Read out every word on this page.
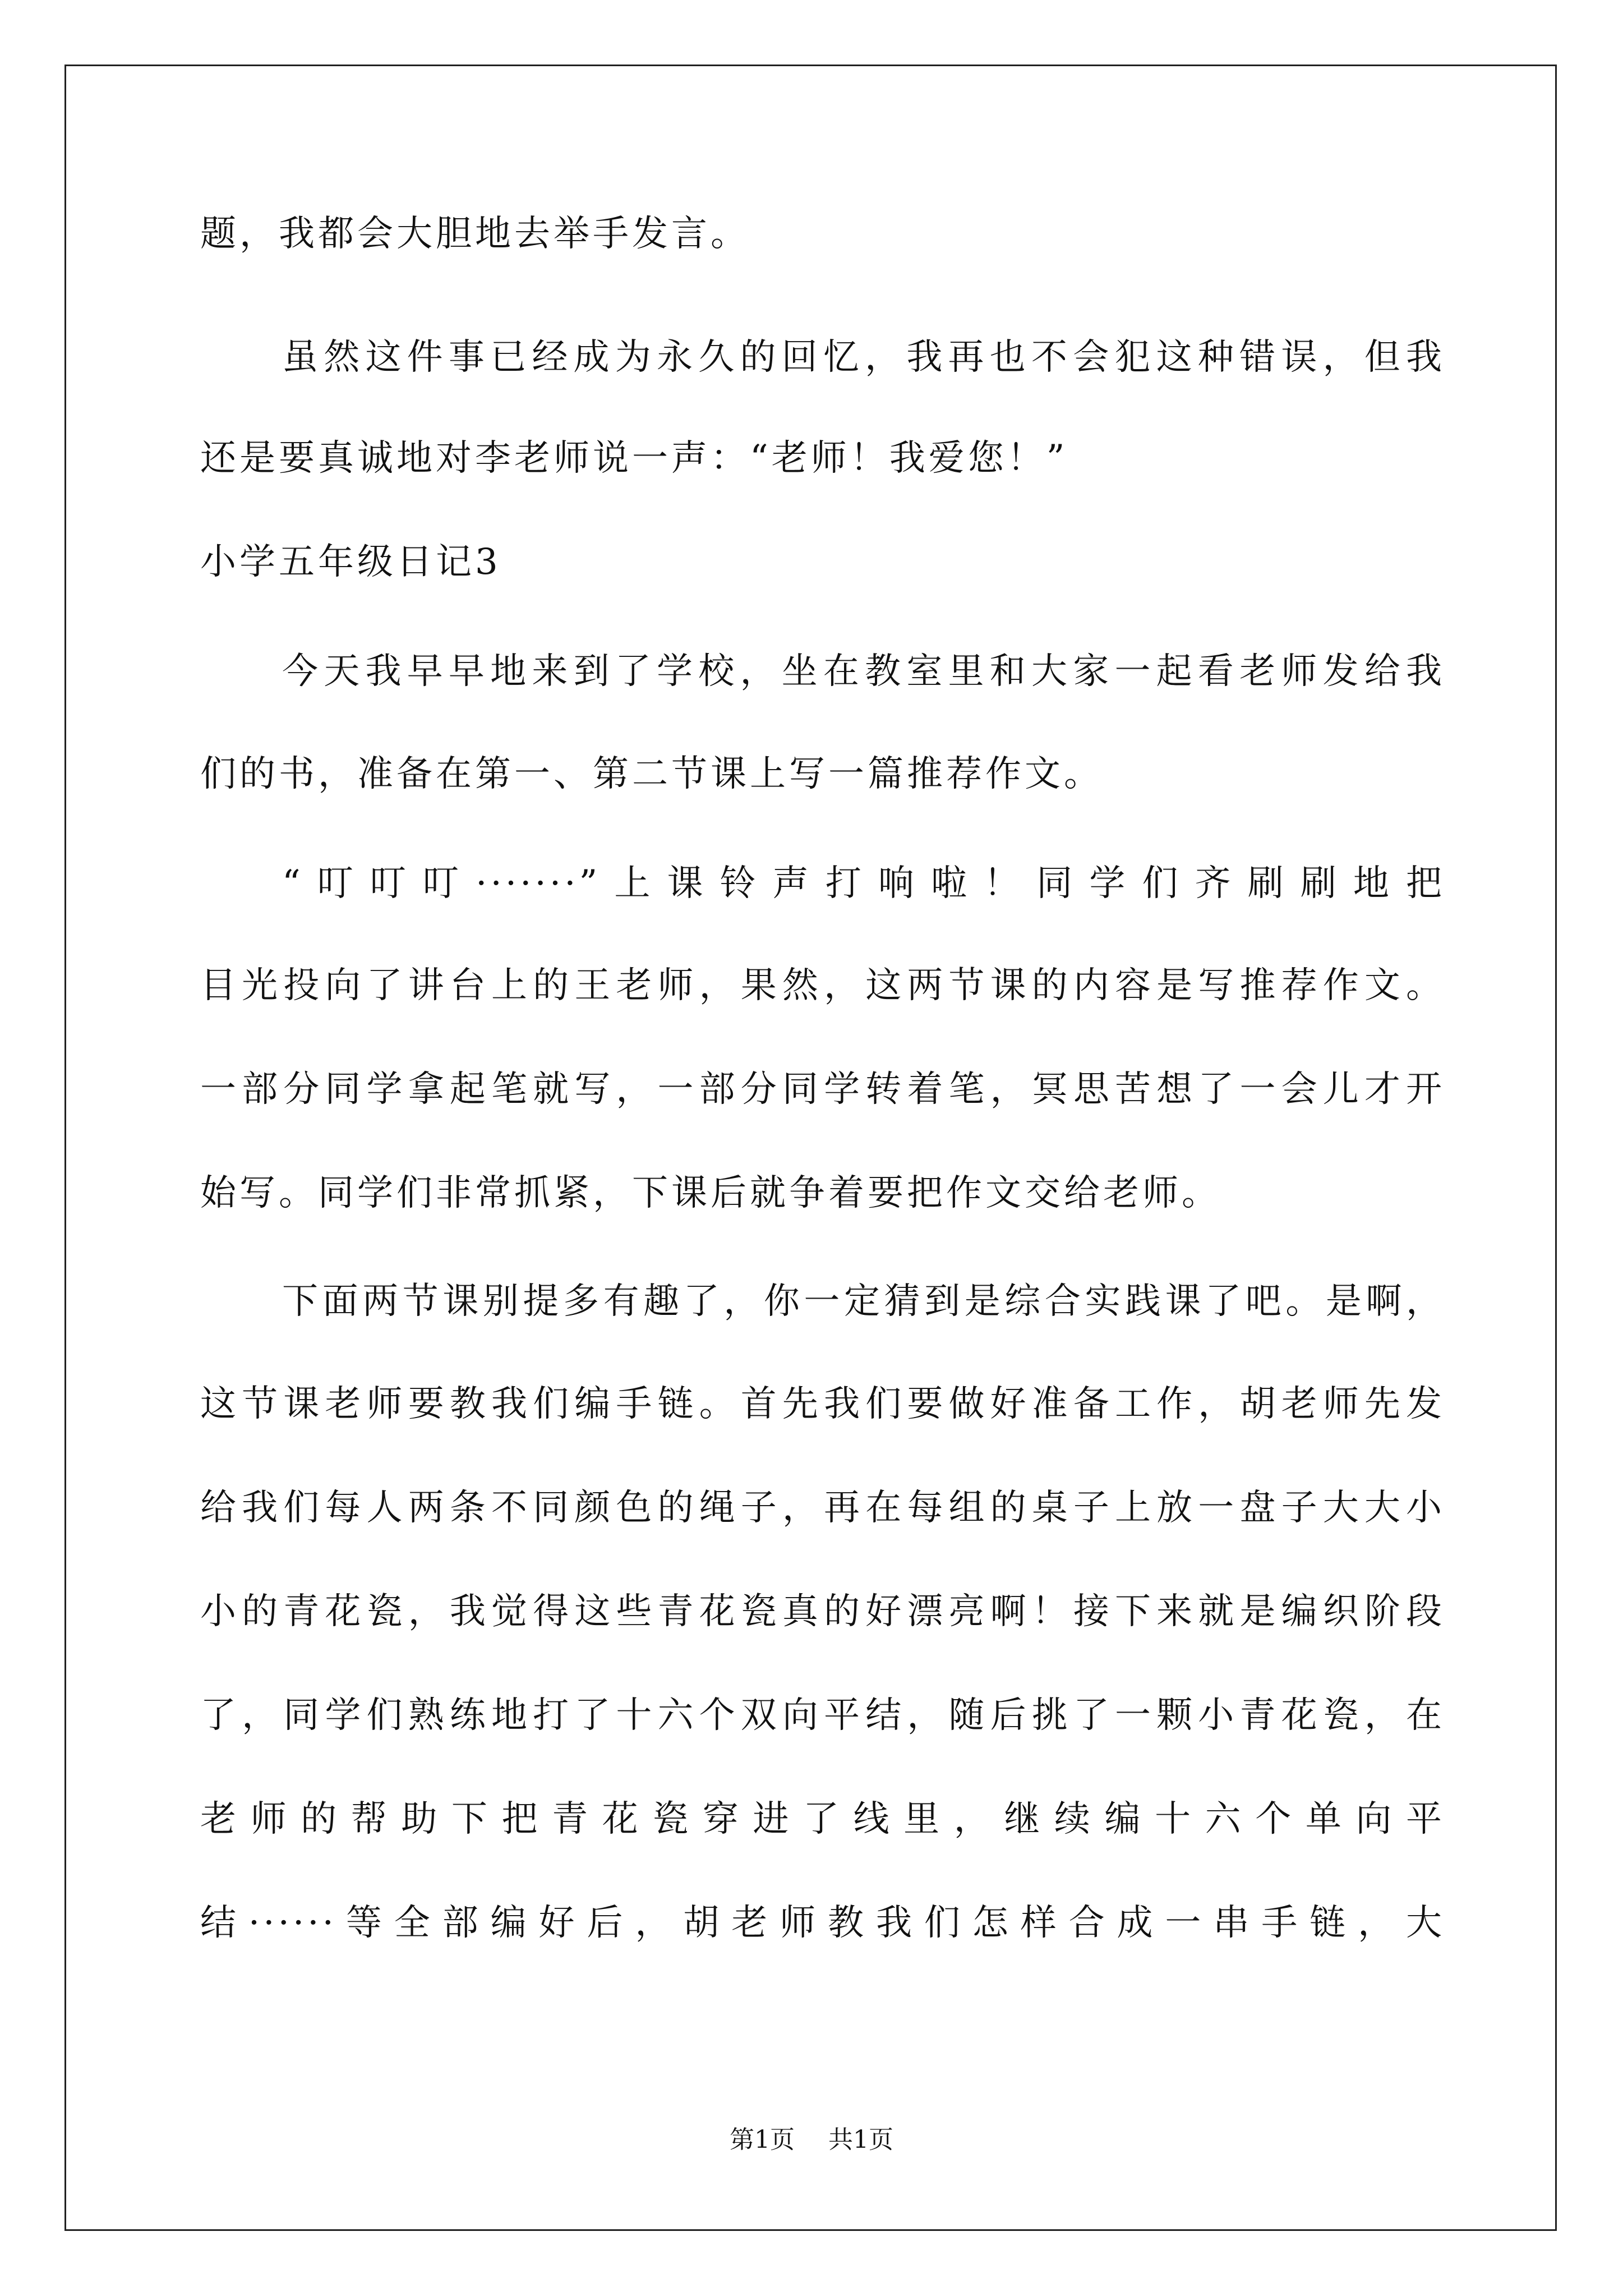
题，我都会大胆地去举手发言。
虽然这件事已经成为永久的回忆，我再也不会犯这种错误，但我
还是要真诚地对李老师说一声：“老师！我爱您！”
小学五年级日记3
今天我早早地来到了学校，坐在教室里和大家一起看老师发给我
们的书，准备在第一、第二节课上写一篇推荐作文。
“叮叮叮·······”上课铃声打响啦！同学们齐刷刷地把
目光投向了讲台上的王老师，果然，这两节课的内容是写推荐作文。
一部分同学拿起笔就写，一部分同学转着笔，冥思苦想了一会儿才开
始写。同学们非常抓紧，下课后就争着要把作文交给老师。
下面两节课别提多有趣了，你一定猜到是综合实践课了吧。是啊，
这节课老师要教我们编手链。首先我们要做好准备工作，胡老师先发
给我们每人两条不同颜色的绳子，再在每组的桌子上放一盘子大大小
小的青花瓷，我觉得这些青花瓷真的好漂亮啊！接下来就是编织阶段
了，同学们熟练地打了十六个双向平结，随后挑了一颗小青花瓷，在
老师的帮助下把青花瓷穿进了线里，继续编十六个单向平
结······等全部编好后，胡老师教我们怎样合成一串手链，大
第1页 共1页
